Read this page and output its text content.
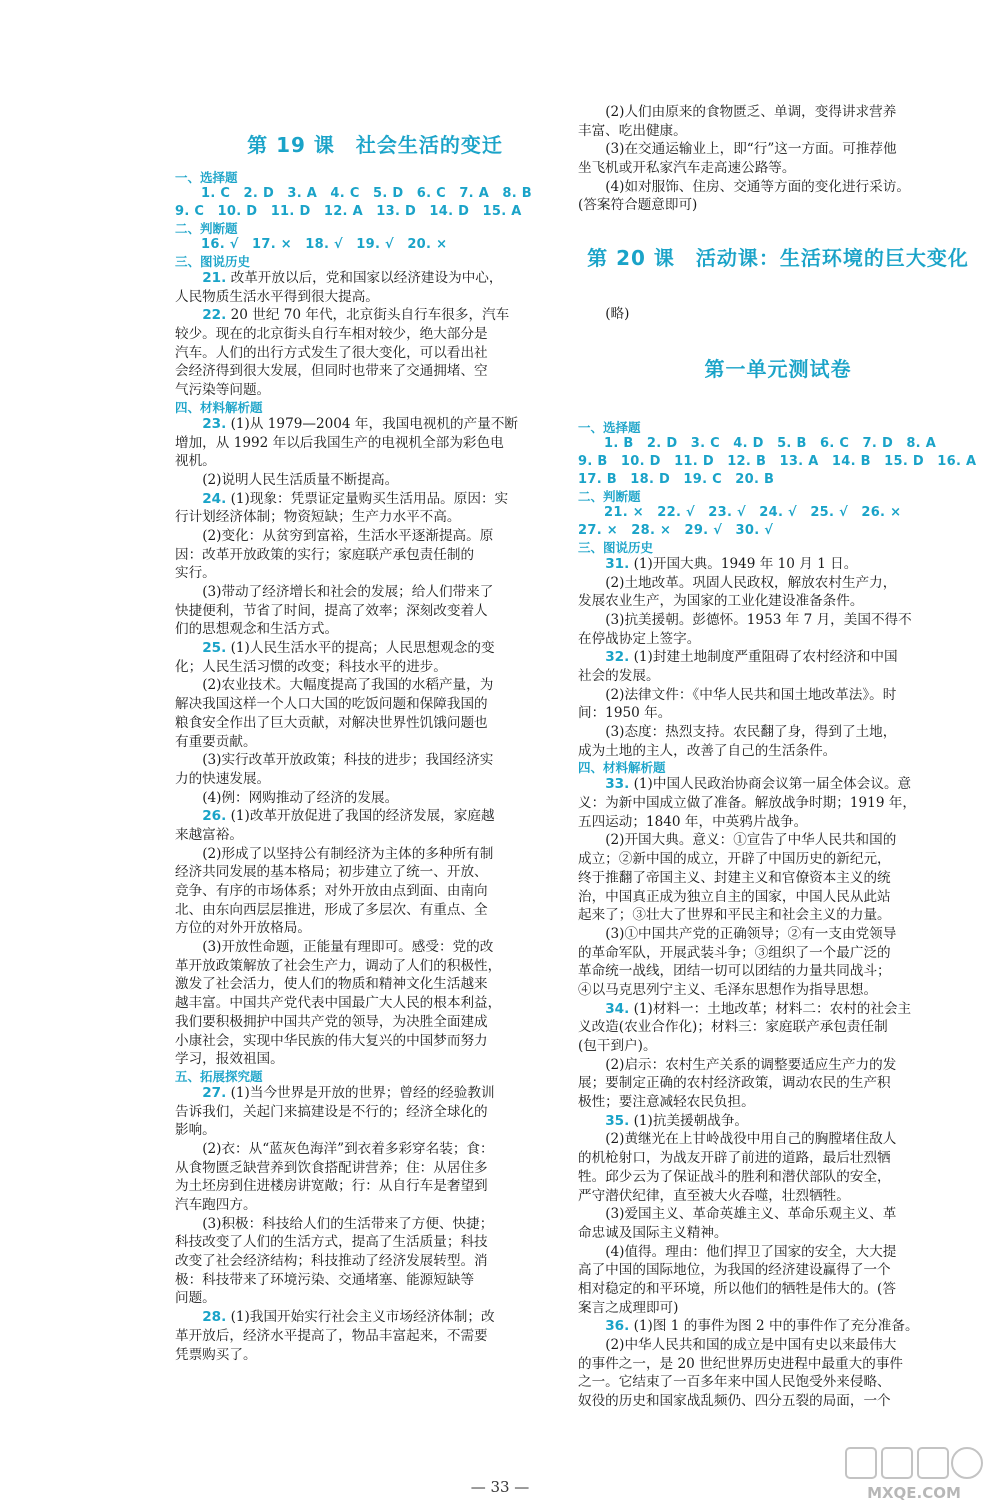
第 19 课　社会生活的变迁
一、选择题
1. C　2. D　3. A　4. C　5. D　6. C　7. A　8. B
9. C　10. D　11. D　12. A　13. D　14. D　15. A
二、判断题
16. √　17. ×　18. √　19. √　20. ×
三、图说历史
21. 改革开放以后，党和国家以经济建设为中心，
人民物质生活水平得到很大提高。
22. 20 世纪 70 年代，北京街头自行车很多，汽车
较少。现在的北京街头自行车相对较少，绝大部分是
汽车。人们的出行方式发生了很大变化，可以看出社
会经济得到很大发展，但同时也带来了交通拥堵、空
气污染等问题。
四、材料解析题
23. (1)从 1979—2004 年，我国电视机的产量不断
增加，从 1992 年以后我国生产的电视机全部为彩色电
视机。
(2)说明人民生活质量不断提高。
24. (1)现象：凭票证定量购买生活用品。原因：实
行计划经济体制；物资短缺；生产力水平不高。
(2)变化：从贫穷到富裕，生活水平逐渐提高。原
因：改革开放政策的实行；家庭联产承包责任制的
实行。
(3)带动了经济增长和社会的发展；给人们带来了
快捷便利，节省了时间，提高了效率；深刻改变着人
们的思想观念和生活方式。
25. (1)人民生活水平的提高；人民思想观念的变
化；人民生活习惯的改变；科技水平的进步。
(2)农业技术。大幅度提高了我国的水稻产量，为
解决我国这样一个人口大国的吃饭问题和保障我国的
粮食安全作出了巨大贡献，对解决世界性饥饿问题也
有重要贡献。
(3)实行改革开放政策；科技的进步；我国经济实
力的快速发展。
(4)例：网购推动了经济的发展。
26. (1)改革开放促进了我国的经济发展，家庭越
来越富裕。
(2)形成了以坚持公有制经济为主体的多种所有制
经济共同发展的基本格局；初步建立了统一、开放、
竞争、有序的市场体系；对外开放由点到面、由南向
北、由东向西层层推进，形成了多层次、有重点、全
方位的对外开放格局。
(3)开放性命题，正能量有理即可。感受：党的改
革开放政策解放了社会生产力，调动了人们的积极性，
激发了社会活力，使人们的物质和精神文化生活越来
越丰富。中国共产党代表中国最广大人民的根本利益，
我们要积极拥护中国共产党的领导，为决胜全面建成
小康社会，实现中华民族的伟大复兴的中国梦而努力
学习，报效祖国。
五、拓展探究题
27. (1)当今世界是开放的世界；曾经的经验教训
告诉我们，关起门来搞建设是不行的；经济全球化的
影响。
(2)衣：从“蓝灰色海洋”到衣着多彩穿名装；食：
从食物匮乏缺营养到饮食搭配讲营养；住：从居住多
为土坯房到住进楼房讲宽敞；行：从自行车是奢望到
汽车跑四方。
(3)积极：科技给人们的生活带来了方便、快捷；
科技改变了人们的生活方式，提高了生活质量；科技
改变了社会经济结构；科技推动了经济发展转型。消
极：科技带来了环境污染、交通堵塞、能源短缺等
问题。
28. (1)我国开始实行社会主义市场经济体制；改
革开放后，经济水平提高了，物品丰富起来，不需要
凭票购买了。
(2)人们由原来的食物匮乏、单调，变得讲求营养
丰富、吃出健康。
(3)在交通运输业上，即“行”这一方面。可推荐他
坐飞机或开私家汽车走高速公路等。
(4)如对服饰、住房、交通等方面的变化进行采访。
(答案符合题意即可)
第 20 课　活动课：生活环境的巨大变化
(略)
第一单元测试卷
一、选择题
1. B　2. D　3. C　4. D　5. B　6. C　7. D　8. A
9. B　10. D　11. D　12. B　13. A　14. B　15. D　16. A
17. B　18. D　19. C　20. B
二、判断题
21. ×　22. √　23. √　24. √　25. √　26. ×
27. ×　28. ×　29. √　30. √
三、图说历史
31. (1)开国大典。1949 年 10 月 1 日。
(2)土地改革。巩固人民政权，解放农村生产力，
发展农业生产，为国家的工业化建设准备条件。
(3)抗美援朝。彭德怀。1953 年 7 月，美国不得不
在停战协定上签字。
32. (1)封建土地制度严重阻碍了农村经济和中国
社会的发展。
(2)法律文件：《中华人民共和国土地改革法》。时
间：1950 年。
(3)态度：热烈支持。农民翻了身，得到了土地，
成为土地的主人，改善了自己的生活条件。
四、材料解析题
33. (1)中国人民政治协商会议第一届全体会议。意
义：为新中国成立做了准备。解放战争时期；1919 年，
五四运动；1840 年，中英鸦片战争。
(2)开国大典。意义：①宣告了中华人民共和国的
成立；②新中国的成立，开辟了中国历史的新纪元，
终于推翻了帝国主义、封建主义和官僚资本主义的统
治，中国真正成为独立自主的国家，中国人民从此站
起来了；③壮大了世界和平民主和社会主义的力量。
(3)①中国共产党的正确领导；②有一支由党领导
的革命军队，开展武装斗争；③组织了一个最广泛的
革命统一战线，团结一切可以团结的力量共同战斗；
④以马克思列宁主义、毛泽东思想作为指导思想。
34. (1)材料一：土地改革；材料二：农村的社会主
义改造(农业合作化)；材料三：家庭联产承包责任制
(包干到户)。
(2)启示：农村生产关系的调整要适应生产力的发
展；要制定正确的农村经济政策，调动农民的生产积
极性；要注意减轻农民负担。
35. (1)抗美援朝战争。
(2)黄继光在上甘岭战役中用自己的胸膛堵住敌人
的机枪射口，为战友开辟了前进的道路，最后壮烈牺
牲。邱少云为了保证战斗的胜利和潜伏部队的安全，
严守潜伏纪律，直至被大火吞噬，壮烈牺牲。
(3)爱国主义、革命英雄主义、革命乐观主义、革
命忠诚及国际主义精神。
(4)值得。理由：他们捍卫了国家的安全，大大提
高了中国的国际地位，为我国的经济建设赢得了一个
相对稳定的和平环境，所以他们的牺牲是伟大的。(答
案言之成理即可)
36. (1)图 1 的事件为图 2 中的事件作了充分准备。
(2)中华人民共和国的成立是中国有史以来最伟大
的事件之一，是 20 世纪世界历史进程中最重大的事件
之一。它结束了一百多年来中国人民饱受外来侵略、
奴役的历史和国家战乱频仍、四分五裂的局面，一个
— 33 —	MXQE.COM
